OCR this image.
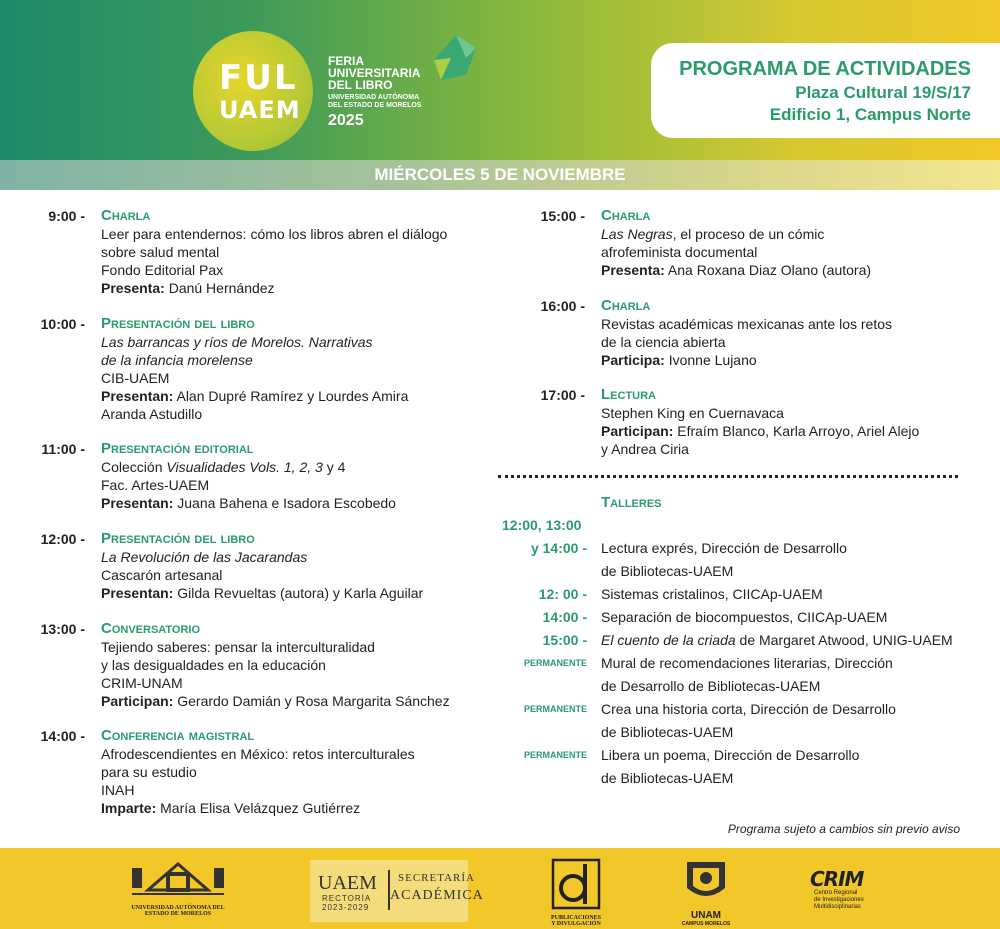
FUL
UAEM
FERIA
UNIVERSITARIA
DEL LIBRO
UNIVERSIDAD AUTÓNOMA DEL ESTADO DE MORELOS
2025
PROGRAMA DE ACTIVIDADES
Plaza Cultural 19/S/17
Edificio 1, Campus Norte
MIÉRCOLES 5 DE NOVIEMBRE
9:00 - Charla
Leer para entendernos: cómo los libros abren el diálogo
sobre salud mental
Fondo Editorial Pax
Presenta: Danú Hernández
10:00 - Presentación del libro
Las barrancas y ríos de Morelos. Narrativas
de la infancia morelense
CIB-UAEM
Presentan: Alan Dupré Ramírez y Lourdes Amira
Aranda Astudillo
11:00 - Presentación editorial
Colección Visualidades Vols. 1, 2, 3 y 4
Fac. Artes-UAEM
Presentan: Juana Bahena e Isadora Escobedo
12:00 - Presentación del libro
La Revolución de las Jacarandas
Cascarón artesanal
Presentan: Gilda Revueltas (autora) y Karla Aguilar
13:00 - Conversatorio
Tejiendo saberes: pensar la interculturalidad
y las desigualdades en la educación
CRIM-UNAM
Participan: Gerardo Damián y Rosa Margarita Sánchez
14:00 - Conferencia magistral
Afrodescendientes en México: retos interculturales
para su estudio
INAH
Imparte: María Elisa Velázquez Gutiérrez
15:00 - Charla
Las Negras, el proceso de un cómic
afrofeminista documental
Presenta: Ana Roxana Diaz Olano (autora)
16:00 - Charla
Revistas académicas mexicanas ante los retos
de la ciencia abierta
Participa: Ivonne Lujano
17:00 - Lectura
Stephen King en Cuernavaca
Participan: Efraím Blanco, Karla Arroyo, Ariel Alejo
y Andrea Ciria
Talleres
12:00, 13:00
y 14:00 - Lectura exprés, Dirección de Desarrollo
de Bibliotecas-UAEM
12: 00 - Sistemas cristalinos, CIICAp-UAEM
14:00 - Separación de biocompuestos, CIICAp-UAEM
15:00 - El cuento de la criada de Margaret Atwood, UNIG-UAEM
PERMANENTE Mural de recomendaciones literarias, Dirección
de Desarrollo de Bibliotecas-UAEM
PERMANENTE Crea una historia corta, Dirección de Desarrollo
de Bibliotecas-UAEM
PERMANENTE Libera un poema, Dirección de Desarrollo
de Bibliotecas-UAEM
Programa sujeto a cambios sin previo aviso
UNIVERSIDAD AUTÓNOMA DEL
ESTADO DE MORELOS
UAEM
RECTORÍA
2023-2029
SECRETARÍA
ACADÉMICA
PUBLICACIONES
Y DIVULGACIÓN
UNAM
CAMPUS MORELOS
CRIM
Centro Regional
de Investigaciones
Multidisciplinarias
